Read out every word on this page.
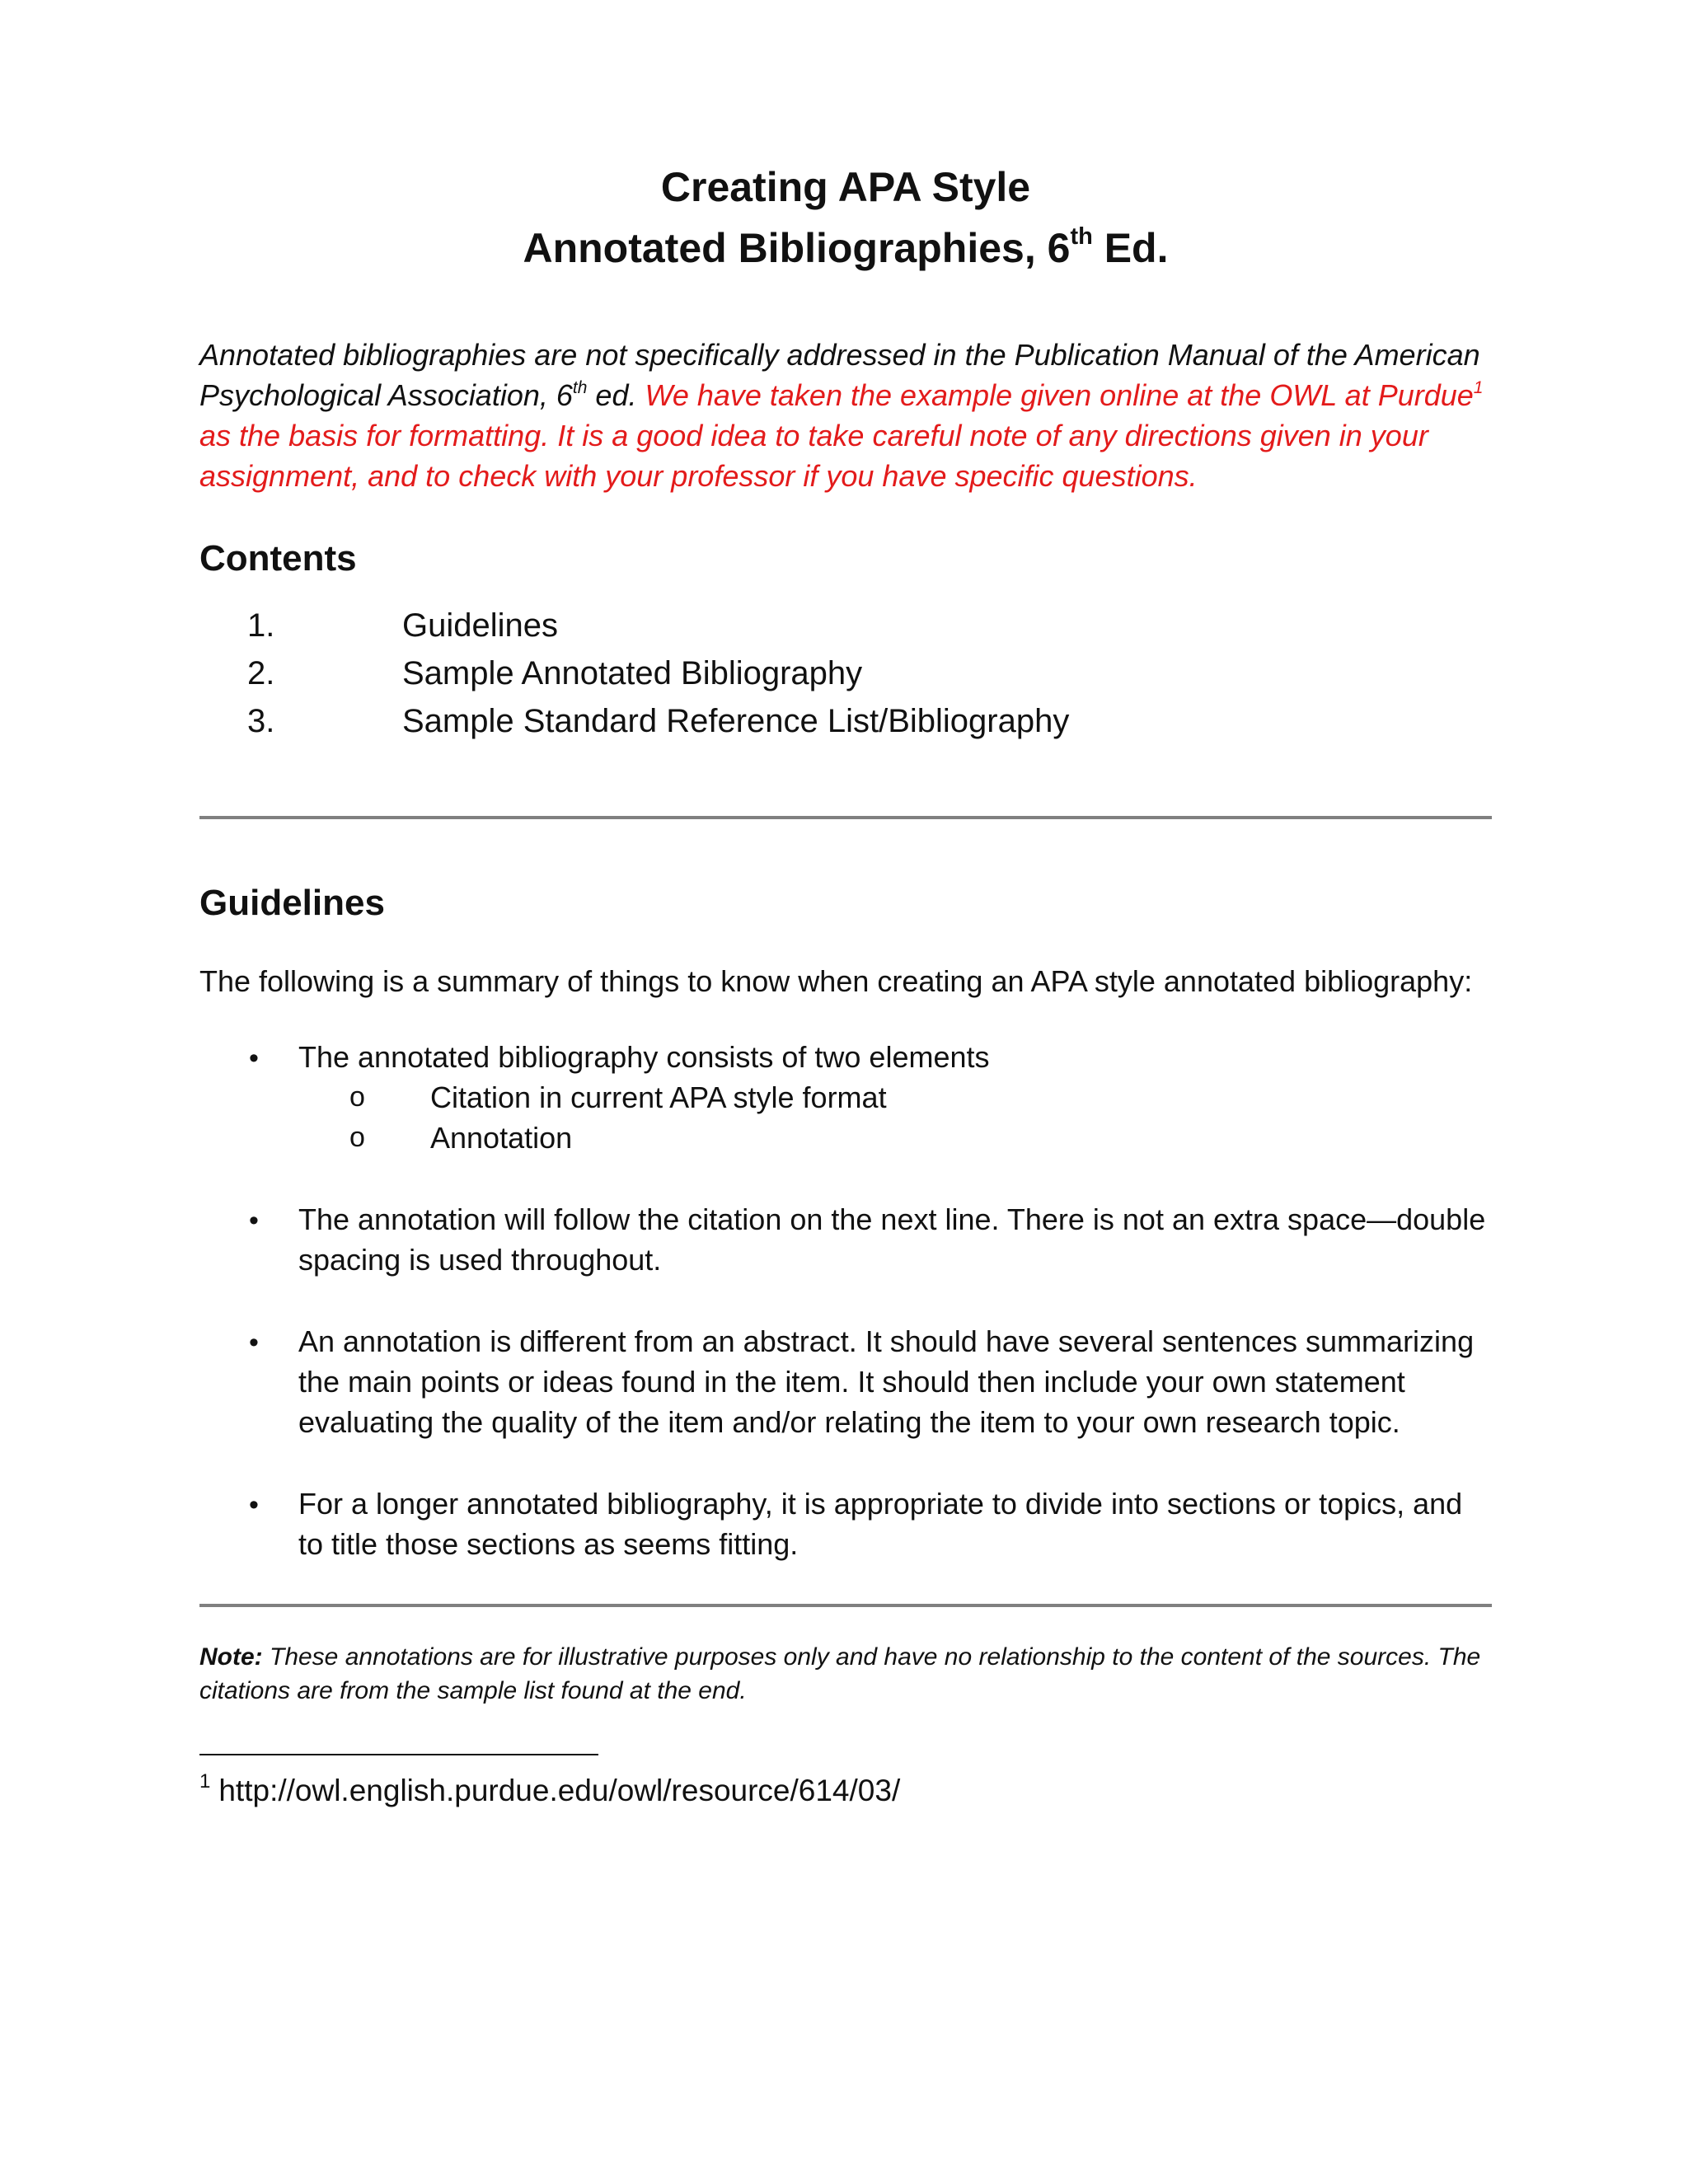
Creating APA Style
Annotated Bibliographies, 6th Ed.
Annotated bibliographies are not specifically addressed in the Publication Manual of the American Psychological Association, 6th ed. We have taken the example given online at the OWL at Purdue$^1$ as the basis for formatting. It is a good idea to take careful note of any directions given in your assignment, and to check with your professor if you have specific questions.
Contents
1.	Guidelines
2.	Sample Annotated Bibliography
3.	Sample Standard Reference List/Bibliography
Guidelines
The following is a summary of things to know when creating an APA style annotated bibliography:
•	The annotated bibliography consists of two elements
o	Citation in current APA style format
o	Annotation
•	The annotation will follow the citation on the next line. There is not an extra space—double spacing is used throughout.
•	An annotation is different from an abstract. It should have several sentences summarizing the main points or ideas found in the item. It should then include your own statement evaluating the quality of the item and/or relating the item to your own research topic.
•	For a longer annotated bibliography, it is appropriate to divide into sections or topics, and to title those sections as seems fitting.
Note: These annotations are for illustrative purposes only and have no relationship to the content of the sources. The citations are from the sample list found at the end.
$^1$ http://owl.english.purdue.edu/owl/resource/614/03/
